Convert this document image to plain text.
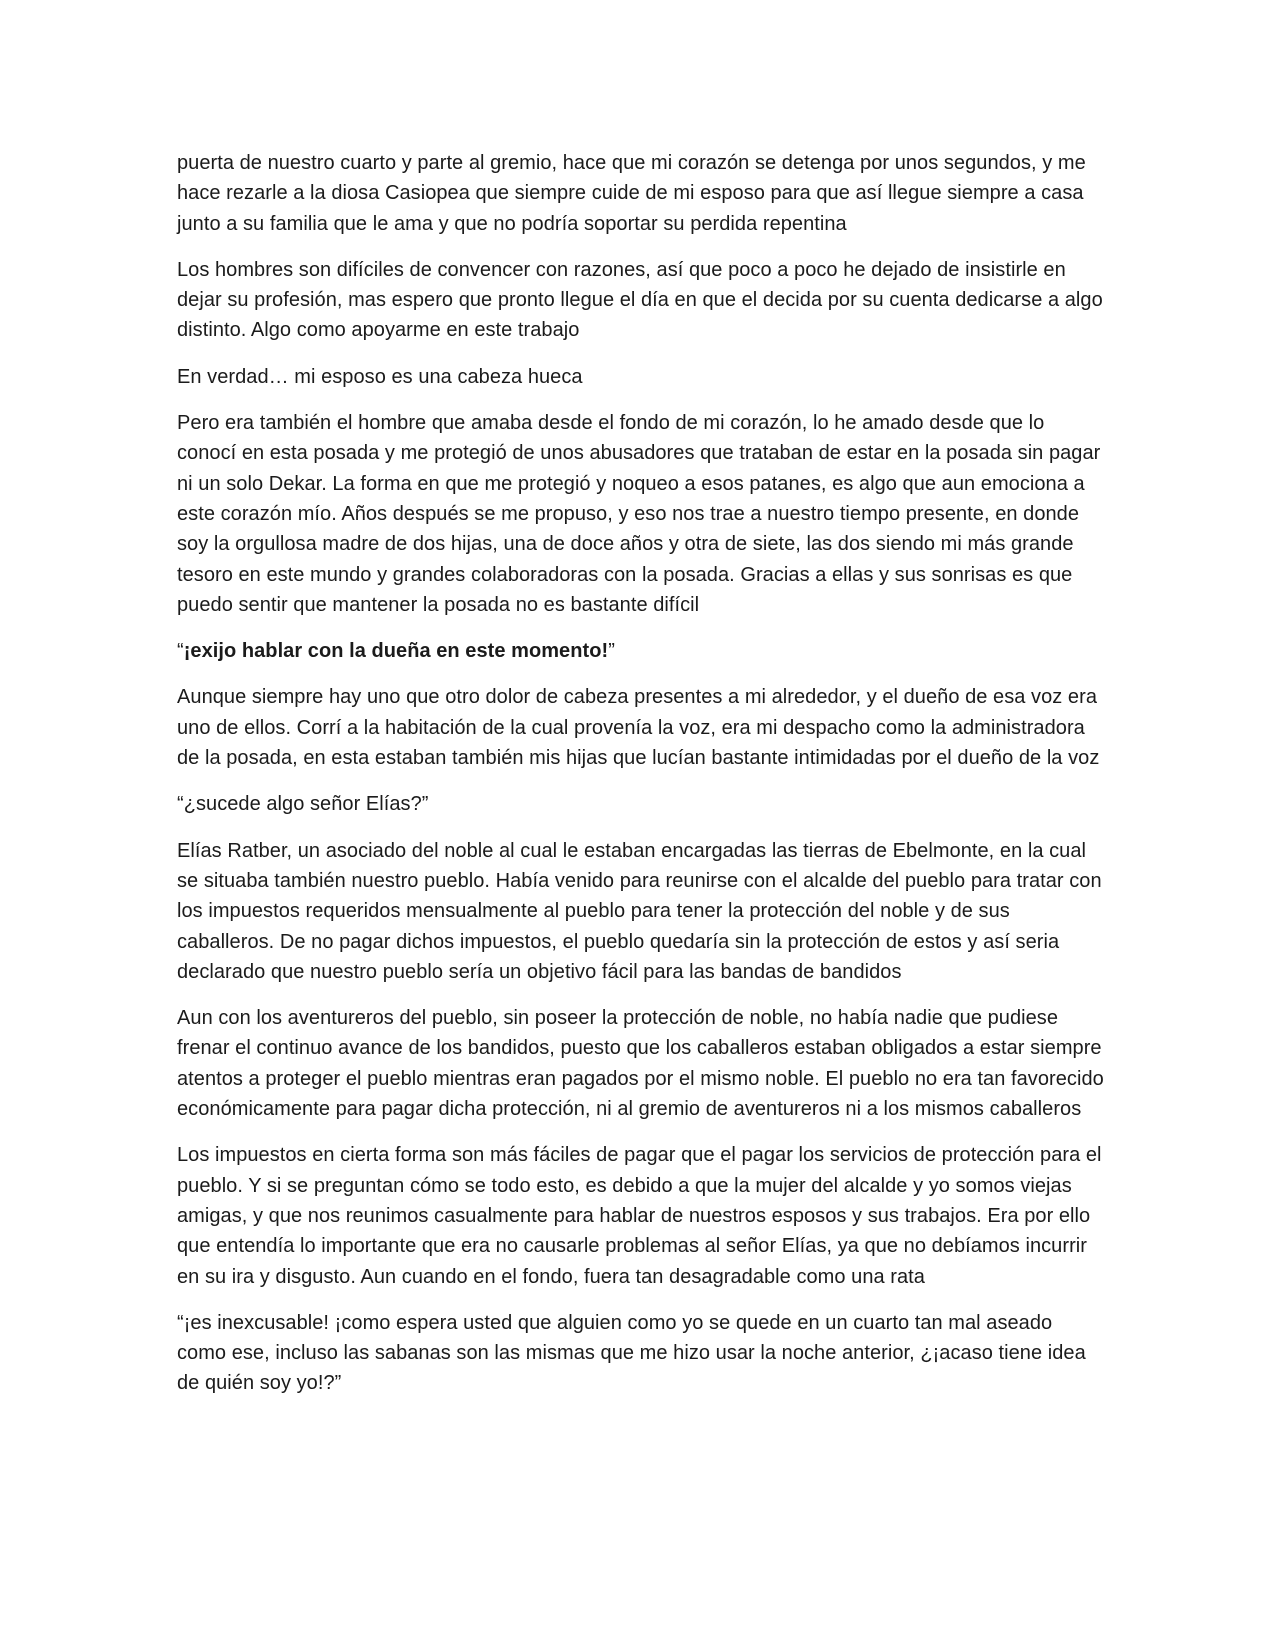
puerta de nuestro cuarto y parte al gremio, hace que mi corazón se detenga por unos segundos, y me hace rezarle a la diosa Casiopea que siempre cuide de mi esposo para que así llegue siempre a casa junto a su familia que le ama y que no podría soportar su perdida repentina

Los hombres son difíciles de convencer con razones, así que poco a poco he dejado de insistirle en dejar su profesión, mas espero que pronto llegue el día en que el decida por su cuenta dedicarse a algo distinto. Algo como apoyarme en este trabajo

En verdad… mi esposo es una cabeza hueca

Pero era también el hombre que amaba desde el fondo de mi corazón, lo he amado desde que lo conocí en esta posada y me protegió de unos abusadores que trataban de estar en la posada sin pagar ni un solo Dekar. La forma en que me protegió y noqueo a esos patanes, es algo que aun emociona a este corazón mío. Años después se me propuso, y eso nos trae a nuestro tiempo presente, en donde soy la orgullosa madre de dos hijas, una de doce años y otra de siete, las dos siendo mi más grande tesoro en este mundo y grandes colaboradoras con la posada. Gracias a ellas y sus sonrisas es que puedo sentir que mantener la posada no es bastante difícil

“¡exijo hablar con la dueña en este momento!”

Aunque siempre hay uno que otro dolor de cabeza presentes a mi alrededor, y el dueño de esa voz era uno de ellos. Corrí a la habitación de la cual provenía la voz, era mi despacho como la administradora de la posada, en esta estaban también mis hijas que lucían bastante intimidadas por el dueño de la voz

“¿sucede algo señor Elías?”

Elías Ratber, un asociado del noble al cual le estaban encargadas las tierras de Ebelmonte, en la cual se situaba también nuestro pueblo. Había venido para reunirse con el alcalde del pueblo para tratar con los impuestos requeridos mensualmente al pueblo para tener la protección del noble y de sus caballeros. De no pagar dichos impuestos, el pueblo quedaría sin la protección de estos y así seria declarado que nuestro pueblo sería un objetivo fácil para las bandas de bandidos

Aun con los aventureros del pueblo, sin poseer la protección de noble, no había nadie que pudiese frenar el continuo avance de los bandidos, puesto que los caballeros estaban obligados a estar siempre atentos a proteger el pueblo mientras eran pagados por el mismo noble. El pueblo no era tan favorecido económicamente para pagar dicha protección, ni al gremio de aventureros ni a los mismos caballeros

Los impuestos en cierta forma son más fáciles de pagar que el pagar los servicios de protección para el pueblo. Y si se preguntan cómo se todo esto, es debido a que la mujer del alcalde y yo somos viejas amigas, y que nos reunimos casualmente para hablar de nuestros esposos y sus trabajos. Era por ello que entendía lo importante que era no causarle problemas al señor Elías, ya que no debíamos incurrir en su ira y disgusto. Aun cuando en el fondo, fuera tan desagradable como una rata

“¡es inexcusable! ¡como espera usted que alguien como yo se quede en un cuarto tan mal aseado como ese, incluso las sabanas son las mismas que me hizo usar la noche anterior, ¿¡acaso tiene idea de quién soy yo!?”
